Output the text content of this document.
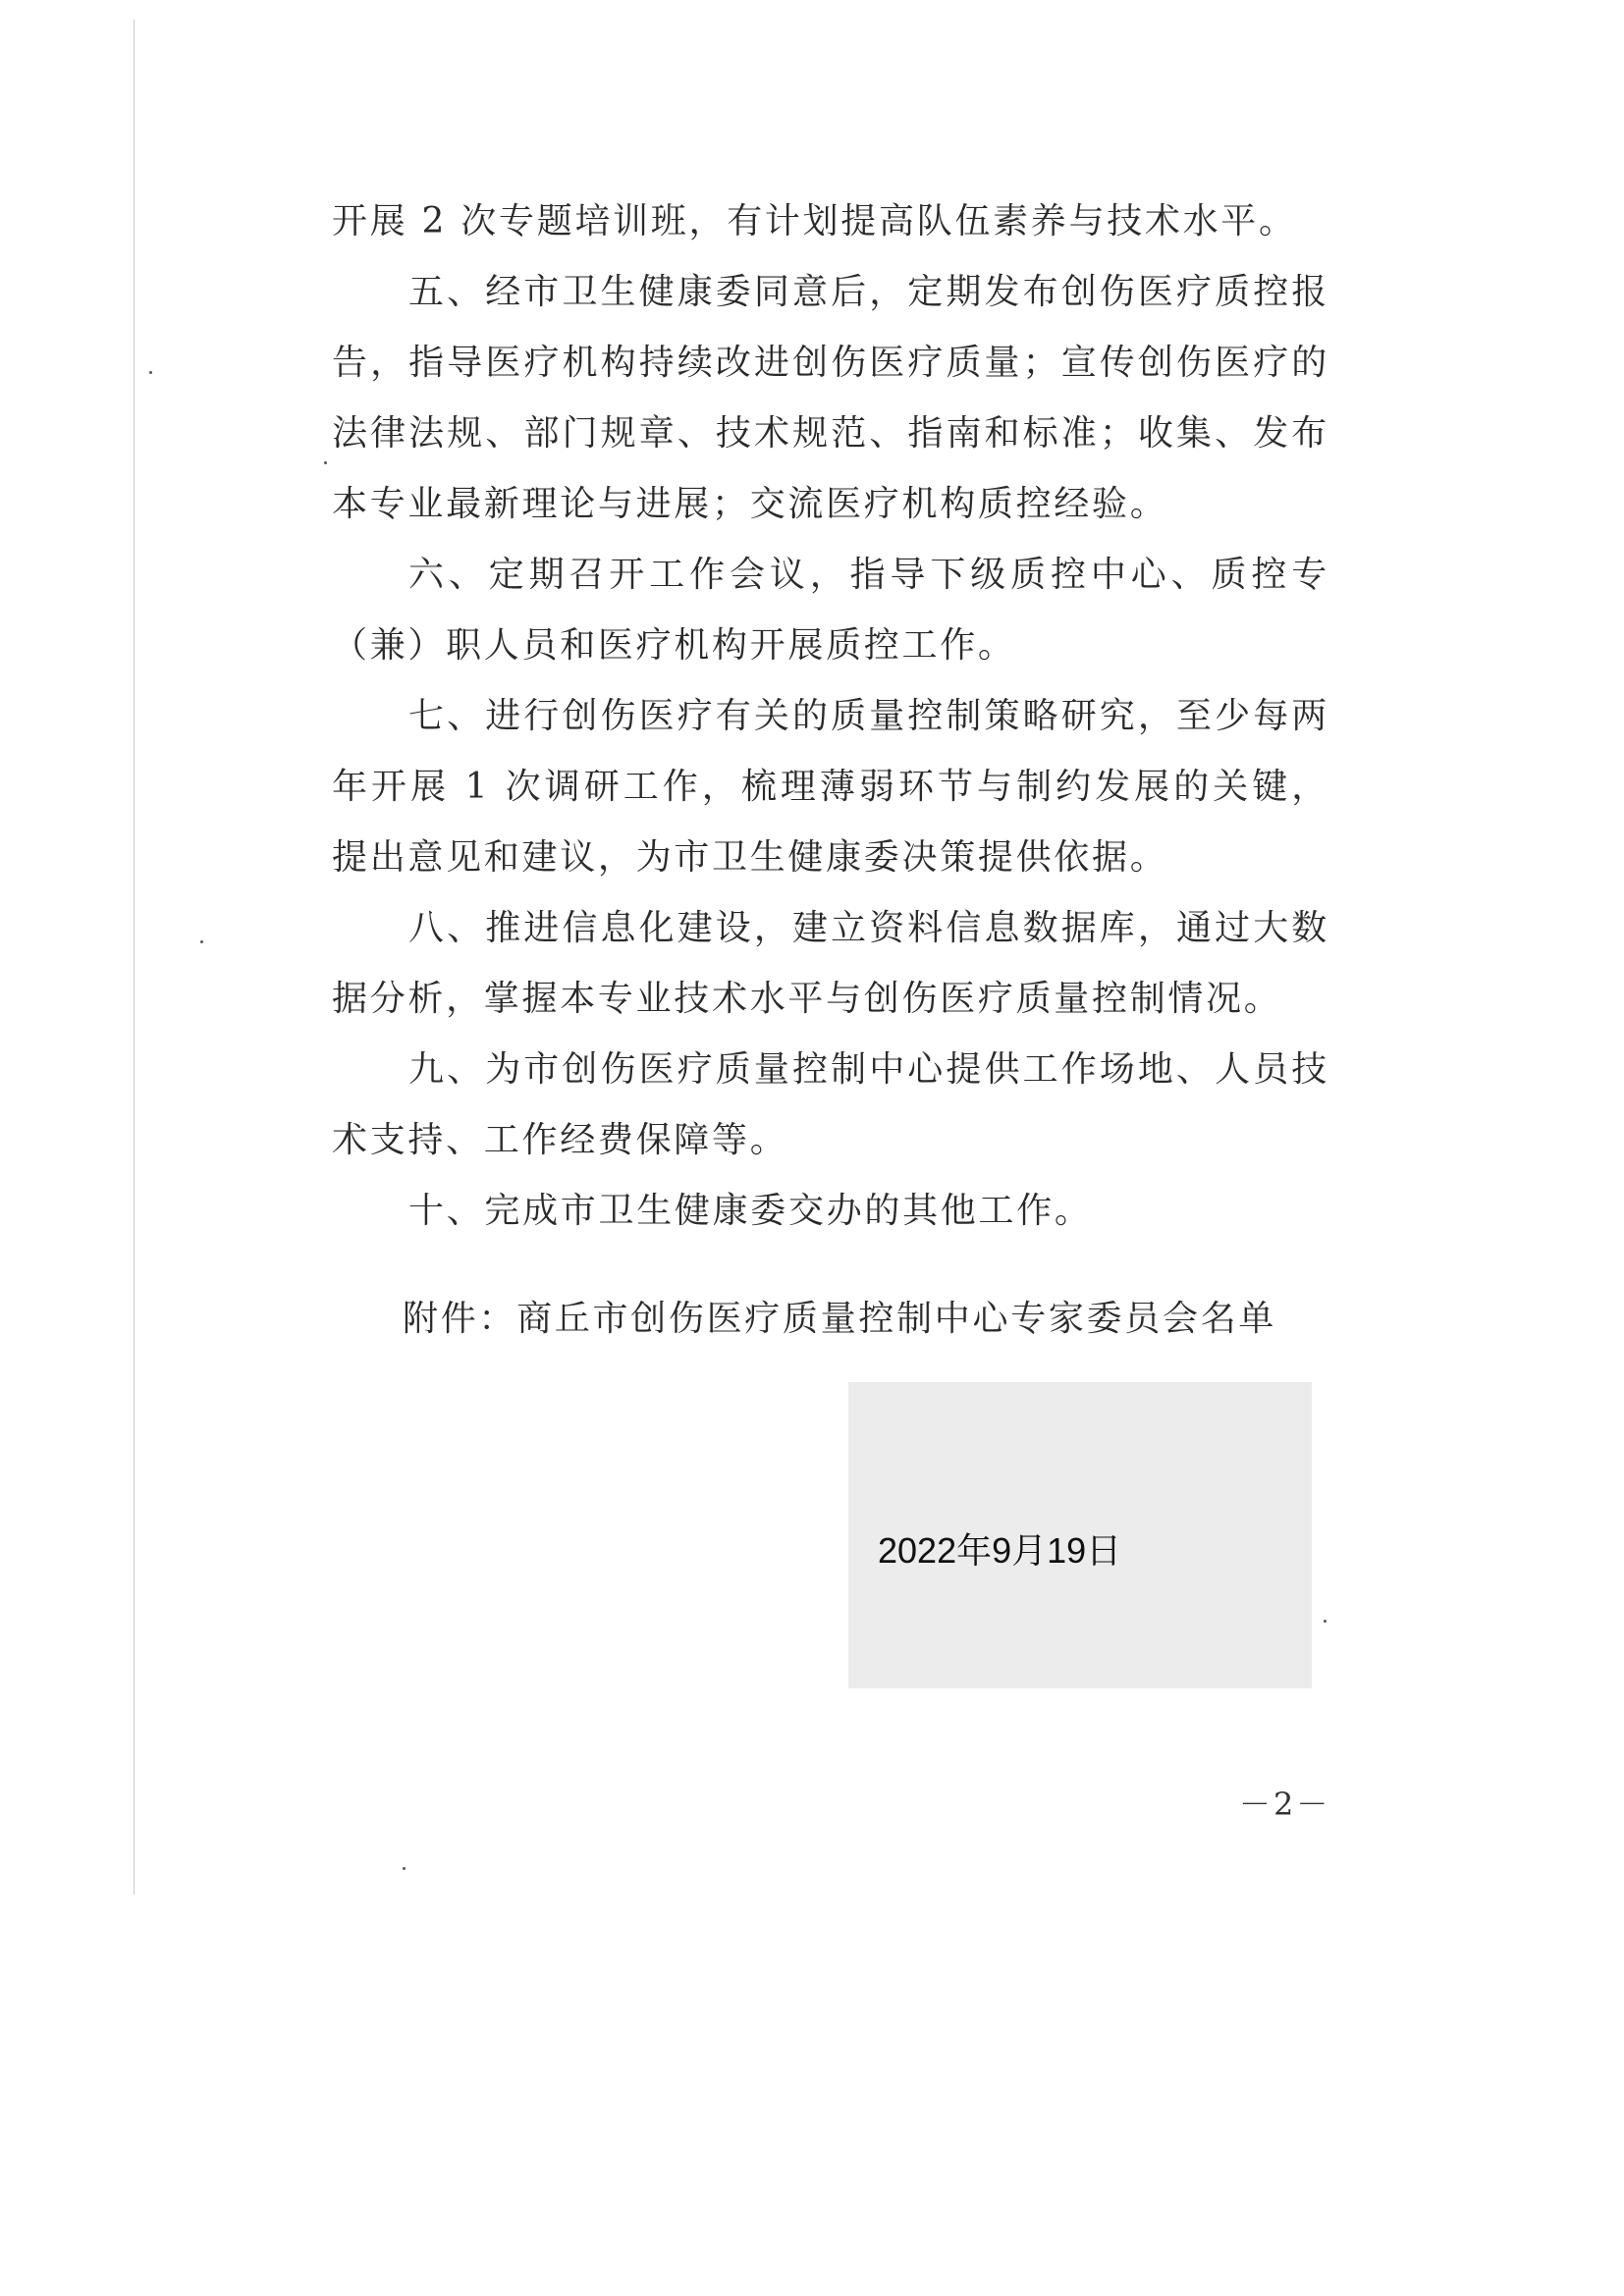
开展 2 次专题培训班，有计划提高队伍素养与技术水平。

五、经市卫生健康委同意后，定期发布创伤医疗质控报告，指导医疗机构持续改进创伤医疗质量；宣传创伤医疗的法律法规、部门规章、技术规范、指南和标准；收集、发布本专业最新理论与进展；交流医疗机构质控经验。

六、定期召开工作会议，指导下级质控中心、质控专（兼）职人员和医疗机构开展质控工作。

七、进行创伤医疗有关的质量控制策略研究，至少每两年开展 1 次调研工作，梳理薄弱环节与制约发展的关键，提出意见和建议，为市卫生健康委决策提供依据。

八、推进信息化建设，建立资料信息数据库，通过大数据分析，掌握本专业技术水平与创伤医疗质量控制情况。

九、为市创伤医疗质量控制中心提供工作场地、人员技术支持、工作经费保障等。

十、完成市卫生健康委交办的其他工作。

附件：商丘市创伤医疗质量控制中心专家委员会名单
2022年9月19日
－2－
